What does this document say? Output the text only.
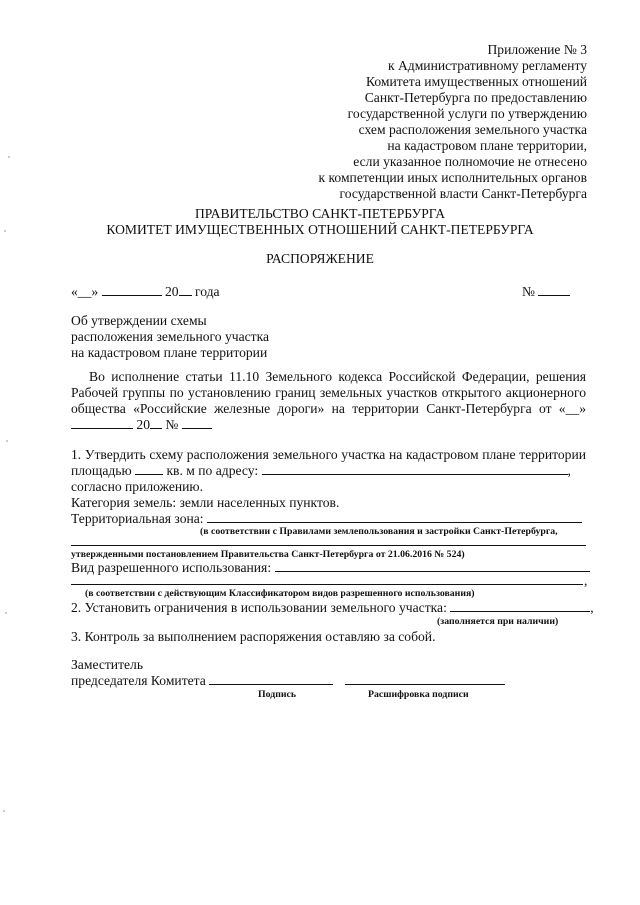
Приложение № 3
к Административному регламенту
Комитета имущественных отношений
Санкт-Петербурга по предоставлению
государственной услуги по утверждению
схем расположения земельного участка
на кадастровом плане территории,
если указанное полномочие не отнесено
к компетенции иных исполнительных органов
государственной власти Санкт-Петербурга
ПРАВИТЕЛЬСТВО САНКТ-ПЕТЕРБУРГА
КОМИТЕТ ИМУЩЕСТВЕННЫХ ОТНОШЕНИЙ САНКТ-ПЕТЕРБУРГА
РАСПОРЯЖЕНИЕ
«__»	20 года	№
Об утверждении схемы
расположения земельного участка
на кадастровом плане территории
Во исполнение статьи 11.10 Земельного кодекса Российской Федерации, решения
Рабочей группы по установлению границ земельных участков открытого акционерного
общества «Российские железные дороги» на территории Санкт-Петербурга от «__»
20 №
1. Утвердить схему расположения земельного участка на кадастровом плане территории
площадью	кв. м по адресу:	,
согласно приложению.
Категория земель: земли населенных пунктов.
Территориальная зона:
(в соответствии с Правилами землепользования и застройки Санкт-Петербурга,
утвержденными постановлением Правительства Санкт-Петербурга от 21.06.2016 № 524)
Вид разрешенного использования:
,
(в соответствии с действующим Классификатором видов разрешенного использования)
2. Установить ограничения в использовании земельного участка:	,
(заполняется при наличии)
3. Контроль за выполнением распоряжения оставляю за собой.
Заместитель
председателя Комитета
Подпись	Расшифровка подписи
